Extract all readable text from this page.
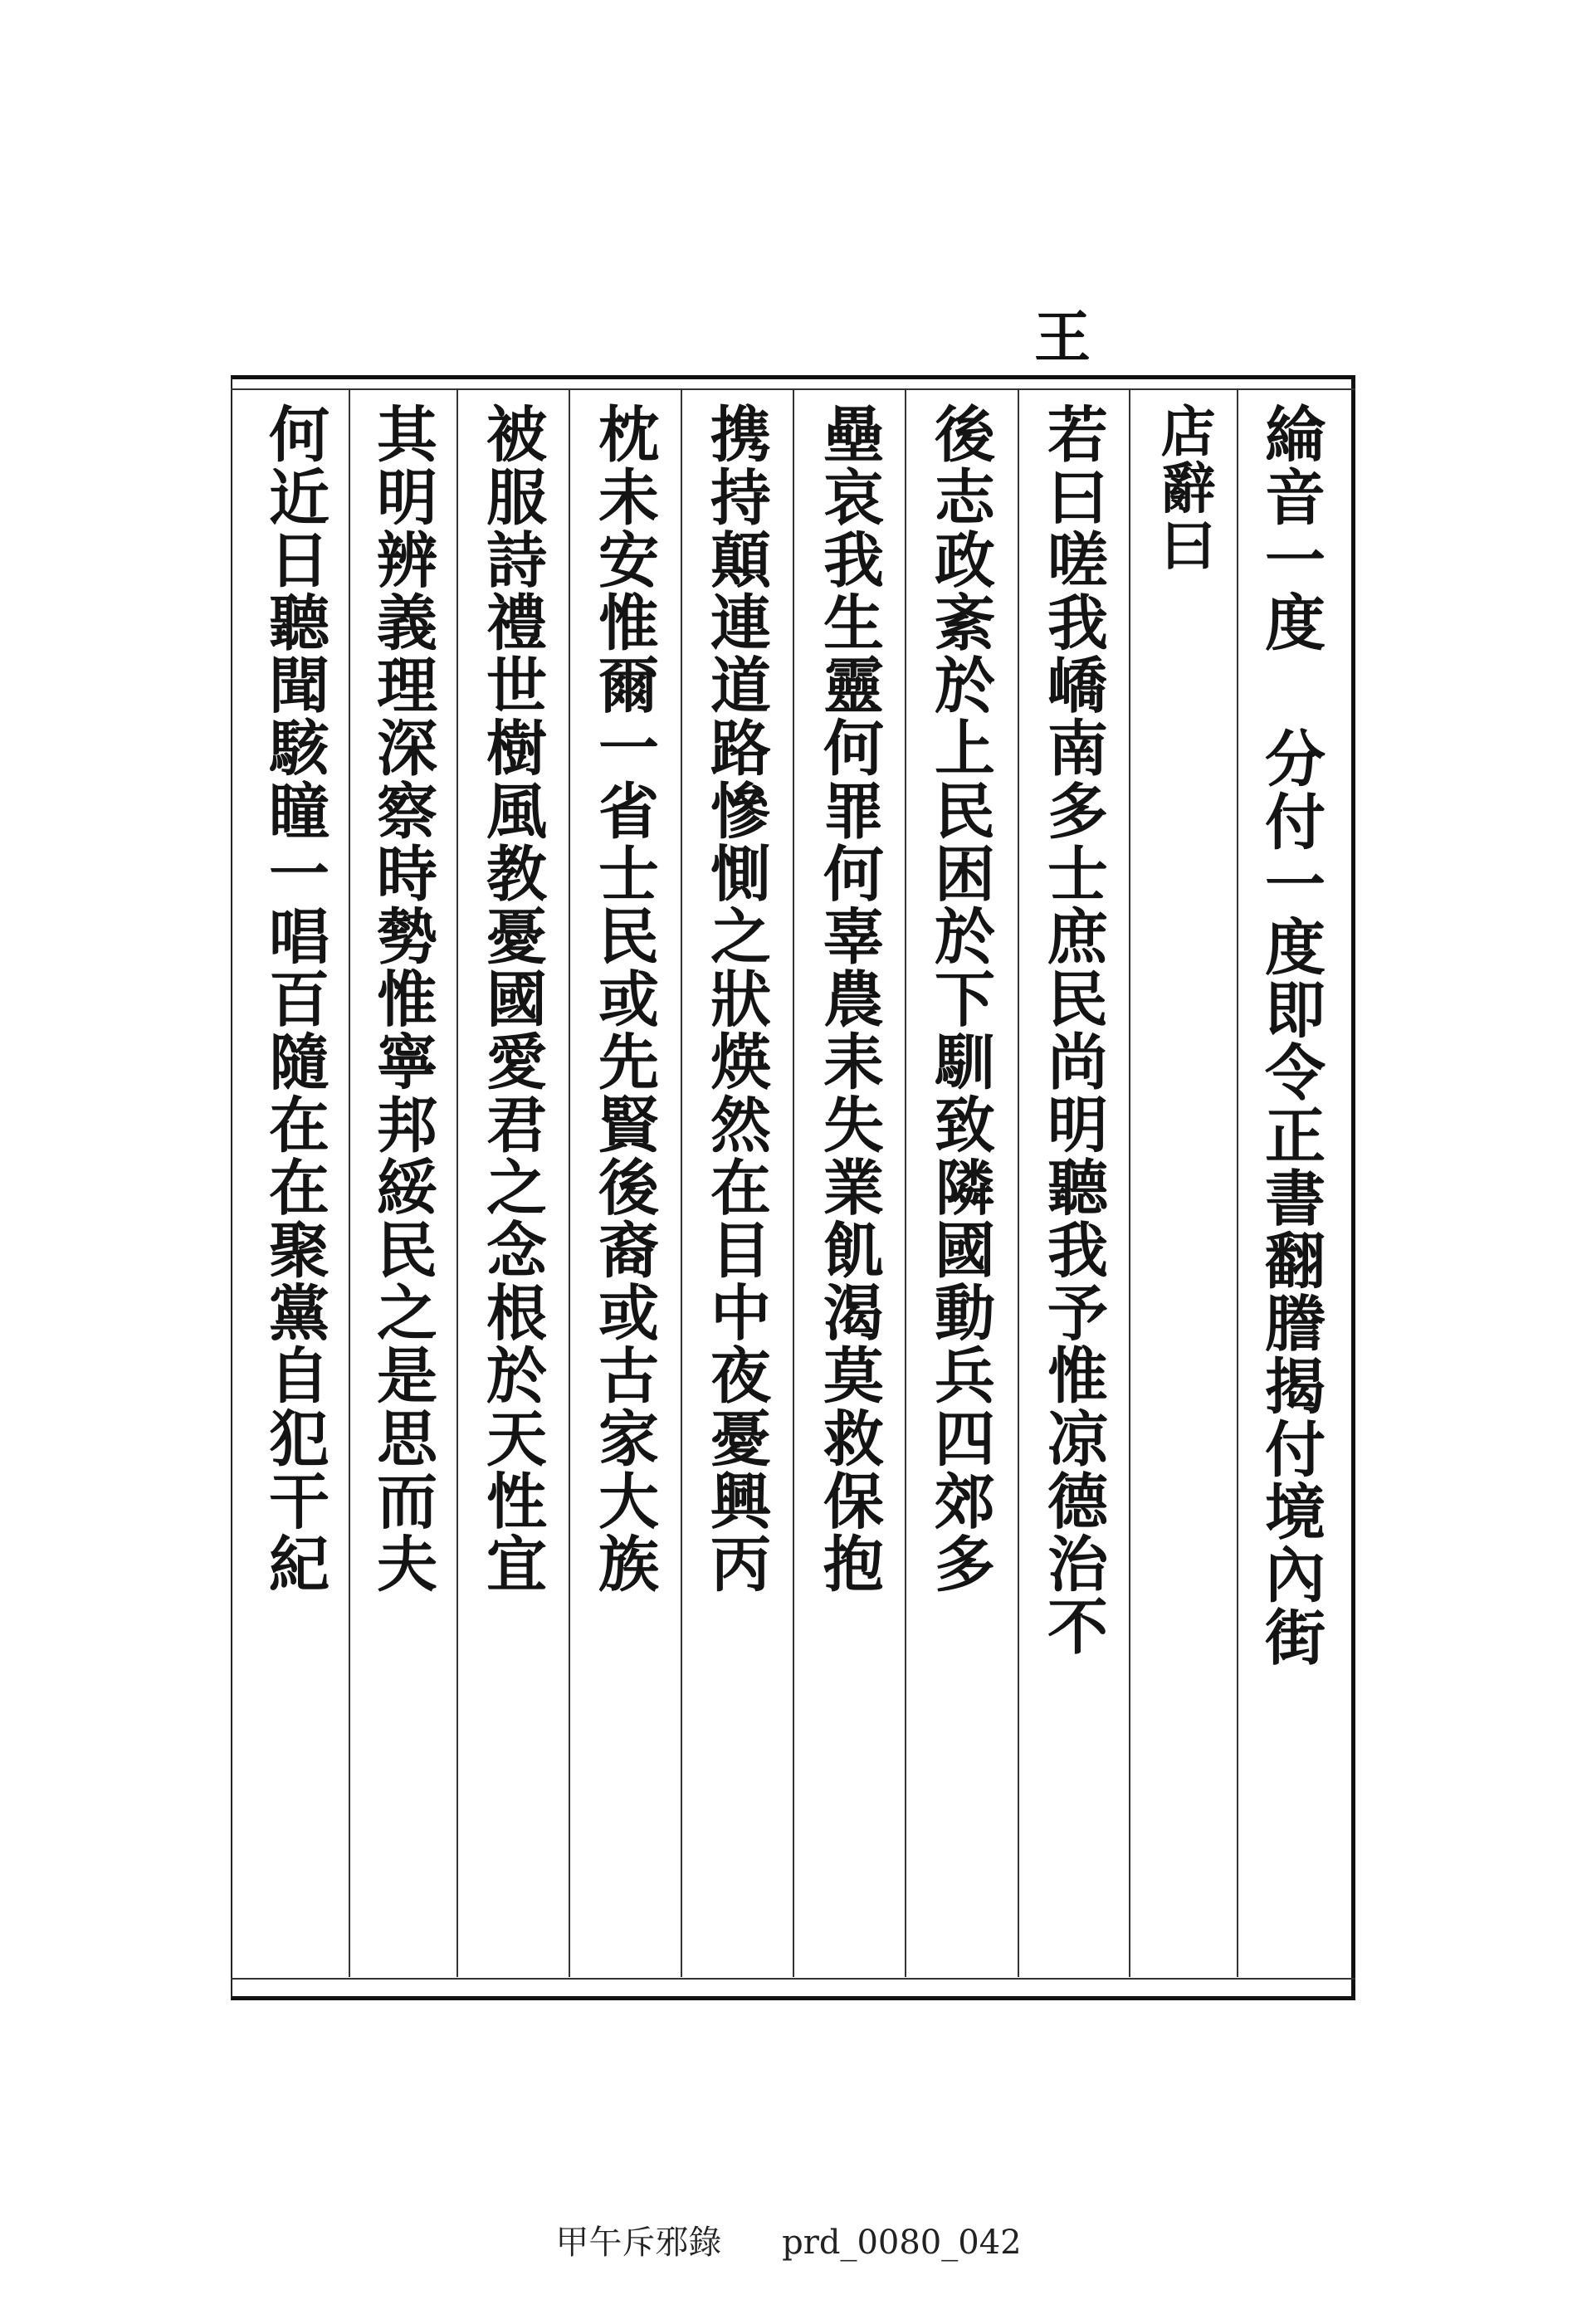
王
綸音一度 分付一度即令正書翻謄揭付境內街
店辭曰
若曰嗟我嶠南多士庶民尚明聽我予惟凉德治不
後志政紊於上民困於下馴致隣國動兵四郊多
壘哀我生靈何罪何辜農耒失業飢渴莫救保抱
携持顛連道路慘惻之狀煐然在目中夜憂興丙
枕未安惟爾一省士民或先賢後裔或古家大族
被服詩禮世樹風教憂國愛君之念根於天性宜
其明辨義理深察時勢惟寧邦綏民之是思而夫
何近日聽聞駭瞳一唱百隨在在聚黨自犯干紀
甲午斥邪錄 prd_0080_042
